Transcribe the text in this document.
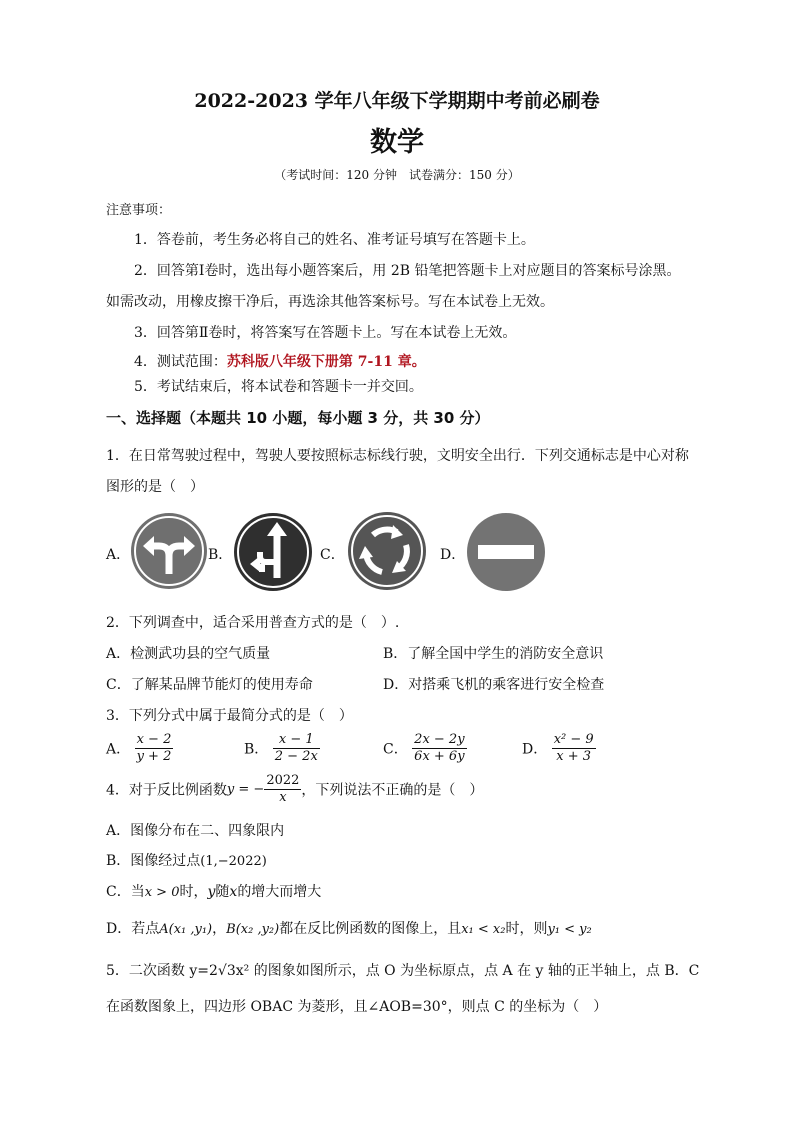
2022-2023 学年八年级下学期期中考前必刷卷
数学
（考试时间：120 分钟　试卷满分：150 分）
注意事项：
1．答卷前，考生务必将自己的姓名、准考证号填写在答题卡上。
2．回答第Ⅰ卷时，选出每小题答案后，用 2B 铅笔把答题卡上对应题目的答案标号涂黑。
如需改动，用橡皮擦干净后，再选涂其他答案标号。写在本试卷上无效。
3．回答第Ⅱ卷时，将答案写在答题卡上。写在本试卷上无效。
4．测试范围：苏科版八年级下册第 7-11 章。
5．考试结束后，将本试卷和答题卡一并交回。
一、选择题（本题共 10 小题，每小题 3 分，共 30 分）
1．在日常驾驶过程中，驾驶人要按照标志标线行驶，文明安全出行．下列交通标志是中心对称
图形的是（　）
A．	B．	C．	D．
2．下列调查中，适合采用普查方式的是（　）.
A．检测武功县的空气质量	B．了解全国中学生的消防安全意识
C．了解某品牌节能灯的使用寿命	D．对搭乘飞机的乘客进行安全检查
3．下列分式中属于最简分式的是（　）
A． $\frac{x - 2}{y + 2}$	B． $\frac{x - 1}{2 - 2x}$	C． $\frac{2x - 2y}{6x + 6y}$	D． $\frac{\text{x² − 9}}{x + 3}$
4．对于反比例函数y = − $\frac{2022}{x}$ ，下列说法不正确的是（　）
A．图像分布在二、四象限内
B．图像经过点(1,−2022)
C．当x > 0时，y随x的增大而增大
D．若点A(x₁ ,y₁)，B(x₂ ,y₂)都在反比例函数的图像上，且x₁ < x₂时，则y₁ < y₂
5．二次函数 y=2√3x² 的图象如图所示，点 O 为坐标原点，点 A 在 y 轴的正半轴上，点 B．C
在函数图象上，四边形 OBAC 为菱形，且∠AOB=30°，则点 C 的坐标为（　）
